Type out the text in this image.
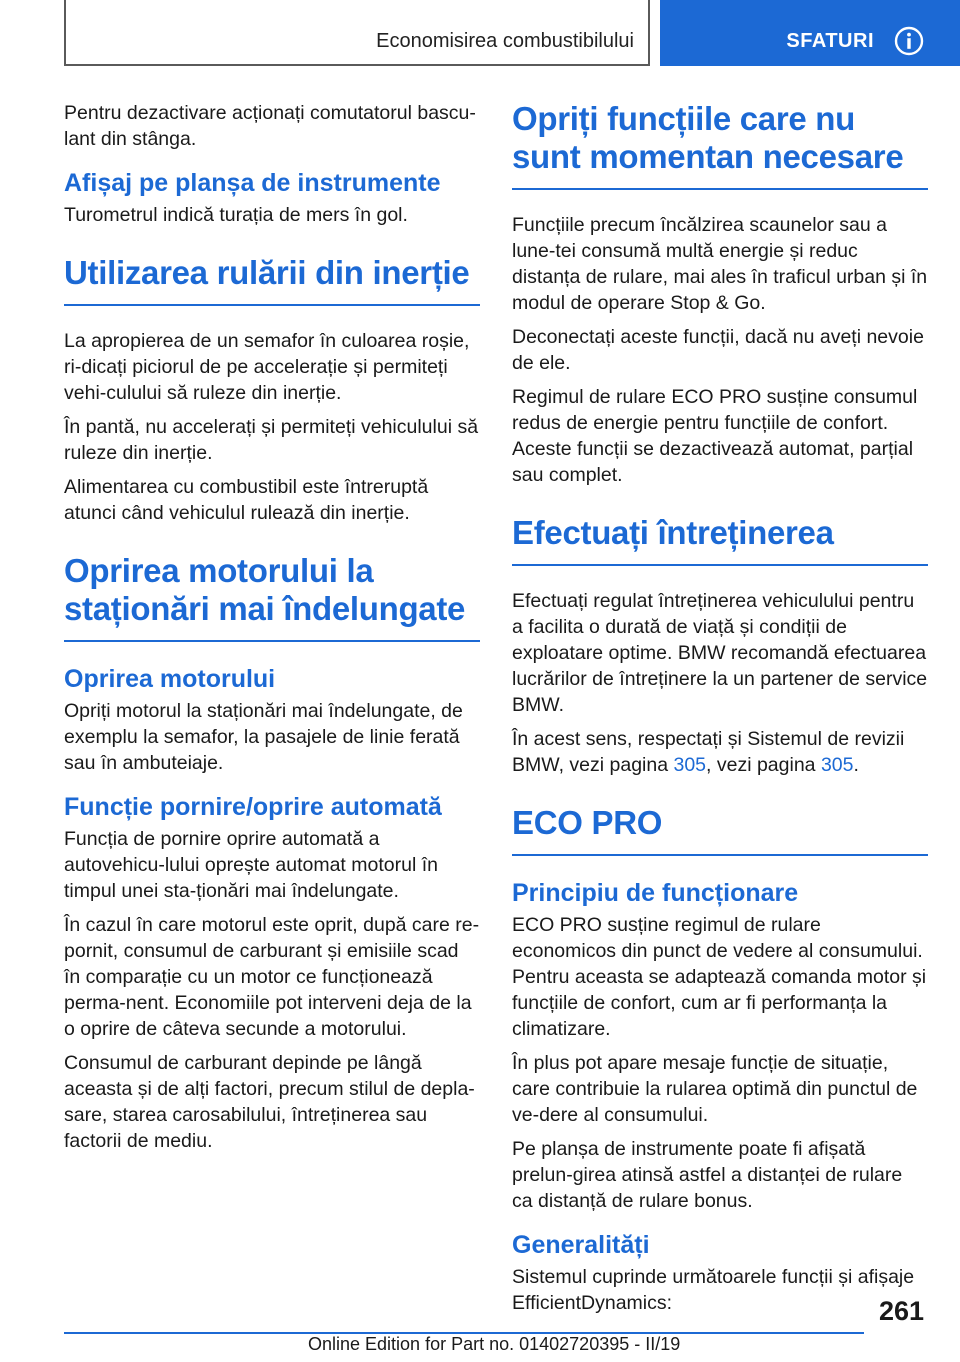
Economisirea combustibilului	SFATURI

Pentru dezactivare acționați comutatorul bascu-lant din stânga.

Afișaj pe planșa de instrumente

Turometrul indică turația de mers în gol.

Utilizarea rulării din inerție

La apropierea de un semafor în culoarea roșie, ri-dicați piciorul de pe accelerație și permiteți vehi-culului să ruleze din inerție.

În pantă, nu accelerați și permiteți vehiculului să ruleze din inerție.

Alimentarea cu combustibil este întreruptă atunci când vehiculul rulează din inerție.

Oprirea motorului la staționări mai îndelungate
Oprirea motorului

Opriți motorul la staționări mai îndelungate, de exemplu la semafor, la pasajele de linie ferată sau în ambuteiaje.

Funcție pornire/oprire automată

Funcția de pornire oprire automată a autovehicu-lului oprește automat motorul în timpul unei sta-ționări mai îndelungate.

În cazul în care motorul este oprit, după care re-pornit, consumul de carburant și emisiile scad în comparație cu un motor ce funcționează perma-nent. Economiile pot interveni deja de la o oprire de câteva secunde a motorului.

Consumul de carburant depinde pe lângă aceasta și de alți factori, precum stilul de depla-sare, starea carosabilului, întreținerea sau factorii de mediu.

Opriți funcțiile care nu sunt momentan necesare

Funcțiile precum încălzirea scaunelor sau a lune-tei consumă multă energie și reduc distanța de rulare, mai ales în traficul urban și în modul de operare Stop & Go.

Deconectați aceste funcții, dacă nu aveți nevoie de ele.

Regimul de rulare ECO PRO susține consumul redus de energie pentru funcțiile de confort. Aceste funcții se dezactivează automat, parțial sau complet.

Efectuați întreținerea

Efectuați regulat întreținerea vehiculului pentru a facilita o durată de viață și condiții de exploatare optime. BMW recomandă efectuarea lucrărilor de întreținere la un partener de service BMW.

În acest sens, respectați și Sistemul de revizii BMW, vezi pagina 305, vezi pagina 305.

ECO PRO
Principiu de funcționare

ECO PRO susține regimul de rulare economicos din punct de vedere al consumului. Pentru aceasta se adaptează comanda motor și funcțiile de confort, cum ar fi performanța la climatizare.

În plus pot apare mesaje funcție de situație, care contribuie la rularea optimă din punctul de ve-dere al consumului.

Pe planșa de instrumente poate fi afișată prelun-girea atinsă astfel a distanței de rulare ca distanță de rulare bonus.

Generalități

Sistemul cuprinde următoarele funcții și afișaje EfficientDynamics:	261
Online Edition for Part no. 01402720395 - II/19
